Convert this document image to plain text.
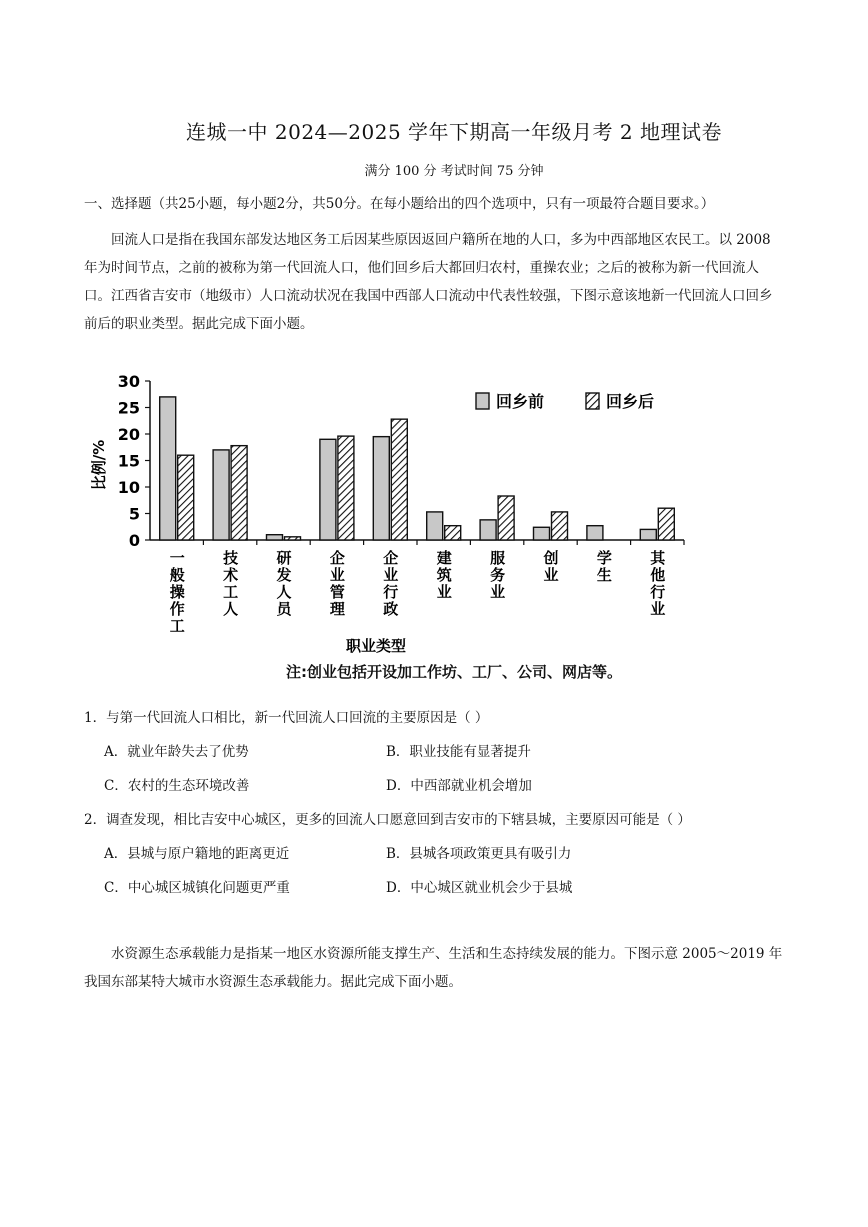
连城一中 2024—2025 学年下期高一年级月考 2 地理试卷
满分 100 分 考试时间 75 分钟
一、选择题（共25小题，每小题2分，共50分。在每小题给出的四个选项中，只有一项最符合题目要求。）

回流人口是指在我国东部发达地区务工后因某些原因返回户籍所在地的人口，多为中西部地区农民工。以 2008 年为时间节点，之前的被称为第一代回流人口，他们回乡后大都回归农村，重操农业；之后的被称为新一代回流人口。江西省吉安市（地级市）人口流动状况在我国中西部人口流动中代表性较强，下图示意该地新一代回流人口回乡前后的职业类型。据此完成下面小题。

0
5
10
15
20
25
30
一般操作工 技术工人 研发人员 企业管理 企业行政 建筑业 服务业 创业 学生 其他行业
回乡前	回乡后
比例/%
职业类型
注:创业包括开设加工作坊、工厂、公司、网店等。
1．与第一代回流人口相比，新一代回流人口回流的主要原因是（ ）
A．就业年龄失去了优势	B．职业技能有显著提升
C．农村的生态环境改善	D．中西部就业机会增加
2．调查发现，相比吉安中心城区，更多的回流人口愿意回到吉安市的下辖县城，主要原因可能是（ ）
A．县城与原户籍地的距离更近	B．县城各项政策更具有吸引力
C．中心城区城镇化问题更严重	D．中心城区就业机会少于县城

水资源生态承载能力是指某一地区水资源所能支撑生产、生活和生态持续发展的能力。下图示意 2005～2019 年我国东部某特大城市水资源生态承载能力。据此完成下面小题。
